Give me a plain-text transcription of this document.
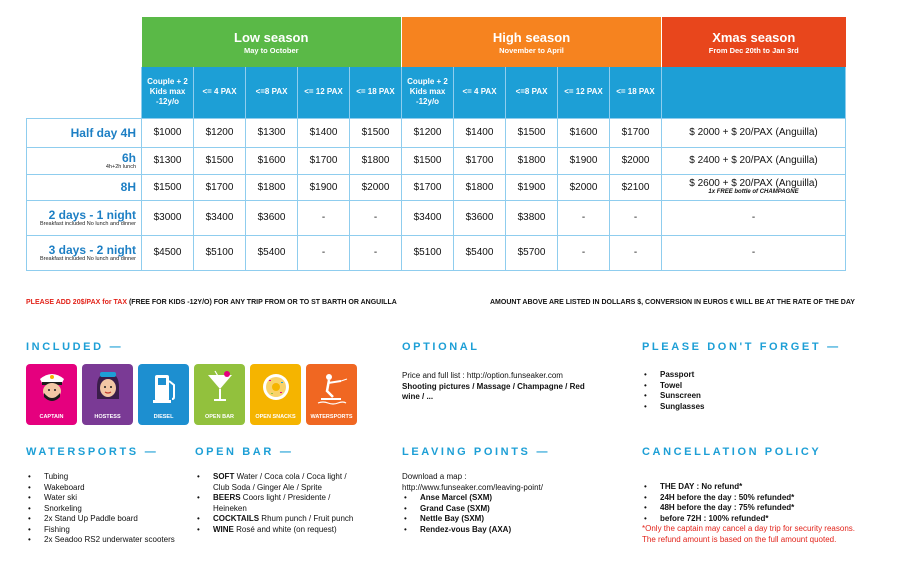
	Low season
May to October					High season
November to April					Xmas season
From Dec 20th to Jan 3rd

	Couple + 2 Kids max -12y/o	<= 4 PAX	<=8 PAX	<= 12 PAX	<= 18 PAX	Couple + 2 Kids max -12y/o	<= 4 PAX	<=8 PAX	<= 12 PAX	<= 18 PAX	
Half day 4H	$1000	$1200	$1300	$1400	$1500	$1200	$1400	$1500	$1600	$1700	$ 2000 + $ 20/PAX (Anguilla)
6h
4h+2h lunch	$1300	$1500	$1600	$1700	$1800	$1500	$1700	$1800	$1900	$2000	$ 2400 + $ 20/PAX (Anguilla)
8H	$1500	$1700	$1800	$1900	$2000	$1700	$1800	$1900	$2000	$2100	$ 2600 + $ 20/PAX (Anguilla)
1x FREE bottle of CHAMPAGNE

2 days - 1 night
Breakfast included No lunch and dinner	$3000	$3400	$3600	-	-	$3400	$3600	$3800	-	-	-
3 days - 2 night
Breakfast included No lunch and dinner	$4500	$5100	$5400	-	-	$5100	$5400	$5700	-	-	-
PLEASE ADD 20$/PAX for TAX (FREE FOR KIDS -12Y/O) FOR ANY TRIP FROM OR TO ST BARTH OR ANGUILLA	AMOUNT ABOVE ARE LISTED IN DOLLARS $, CONVERSION IN EUROS € WILL BE AT THE RATE OF THE DAY
INCLUDED —
CAPTAIN	HOSTESS	DIESEL	OPEN BAR	OPEN SNACKS	WATERSPORTS
OPTIONAL
Price and full list : http://option.funseaker.com
Shooting pictures / Massage / Champagne / Red wine / ...
PLEASE DON'T FORGET —
• Passport
• Towel
• Sunscreen
• Sunglasses
WATERSPORTS —
• Tubing
• Wakeboard
• Water ski
• Snorkeling
• 2x Stand Up Paddle board
• Fishing
• 2x Seadoo RS2 underwater scooters
OPEN BAR —
• SOFT Water / Coca cola / Coca light / Club Soda / Ginger Ale / Sprite
• BEERS Coors light / Presidente / Heineken
• COCKTAILS Rhum punch / Fruit punch
• WINE Rosé and white (on request)
LEAVING POINTS —
Download a map :
http://www.funseaker.com/leaving-point/
• Anse Marcel (SXM)
• Grand Case (SXM)
• Nettle Bay (SXM)
• Rendez-vous Bay (AXA)
CANCELLATION POLICY
• THE DAY : No refund*
• 24H before the day : 50% refunded*
• 48H before the day : 75% refunded*
• before 72H : 100% refunded*
*Only the captain may cancel a day trip for security reasons.
The refund amount is based on the full amount quoted.
